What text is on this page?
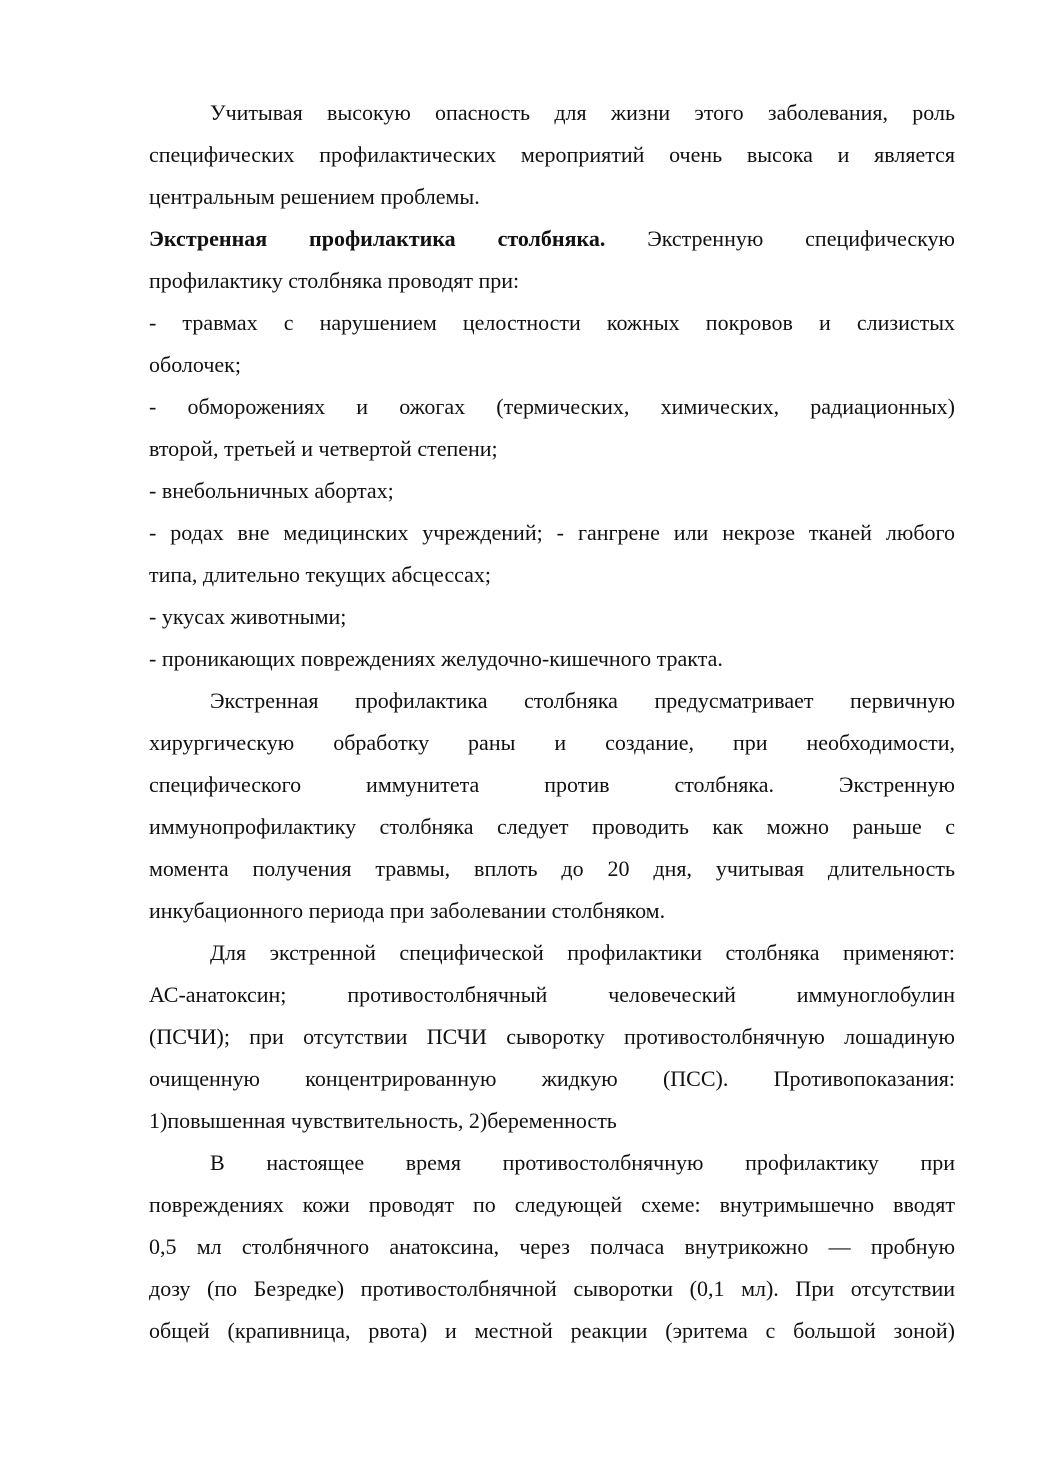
Учитывая высокую опасность для жизни этого заболевания, роль
специфических профилактических мероприятий очень высока и является
центральным решением проблемы.
Экстренная профилактика столбняка. Экстренную специфическую
профилактику столбняка проводят при:
- травмах с нарушением целостности кожных покровов и слизистых
оболочек;
- обморожениях и ожогах (термических, химических, радиационных)
второй, третьей и четвертой степени;
- внебольничных абортах;
- родах вне медицинских учреждений; - гангрене или некрозе тканей любого
типа, длительно текущих абсцессах;
- укусах животными;
- проникающих повреждениях желудочно-кишечного тракта.
Экстренная профилактика столбняка предусматривает первичную
хирургическую обработку раны и создание, при необходимости,
специфического иммунитета против столбняка. Экстренную
иммунопрофилактику столбняка следует проводить как можно раньше с
момента получения травмы, вплоть до 20 дня, учитывая длительность
инкубационного периода при заболевании столбняком.
Для экстренной специфической профилактики столбняка применяют:
АС-анатоксин; противостолбнячный человеческий иммуноглобулин
(ПСЧИ); при отсутствии ПСЧИ сыворотку противостолбнячную лошадиную
очищенную концентрированную жидкую (ПСС). Противопоказания:
1)повышенная чувствительность, 2)беременность
В настоящее время противостолбнячную профилактику при
повреждениях кожи проводят по следующей схеме: внутримышечно вводят
0,5 мл столбнячного анатоксина, через полчаса внутрикожно — пробную
дозу (по Безредке) противостолбнячной сыворотки (0,1 мл). При отсутствии
общей (крапивница, рвота) и местной реакции (эритема с большой зоной)
